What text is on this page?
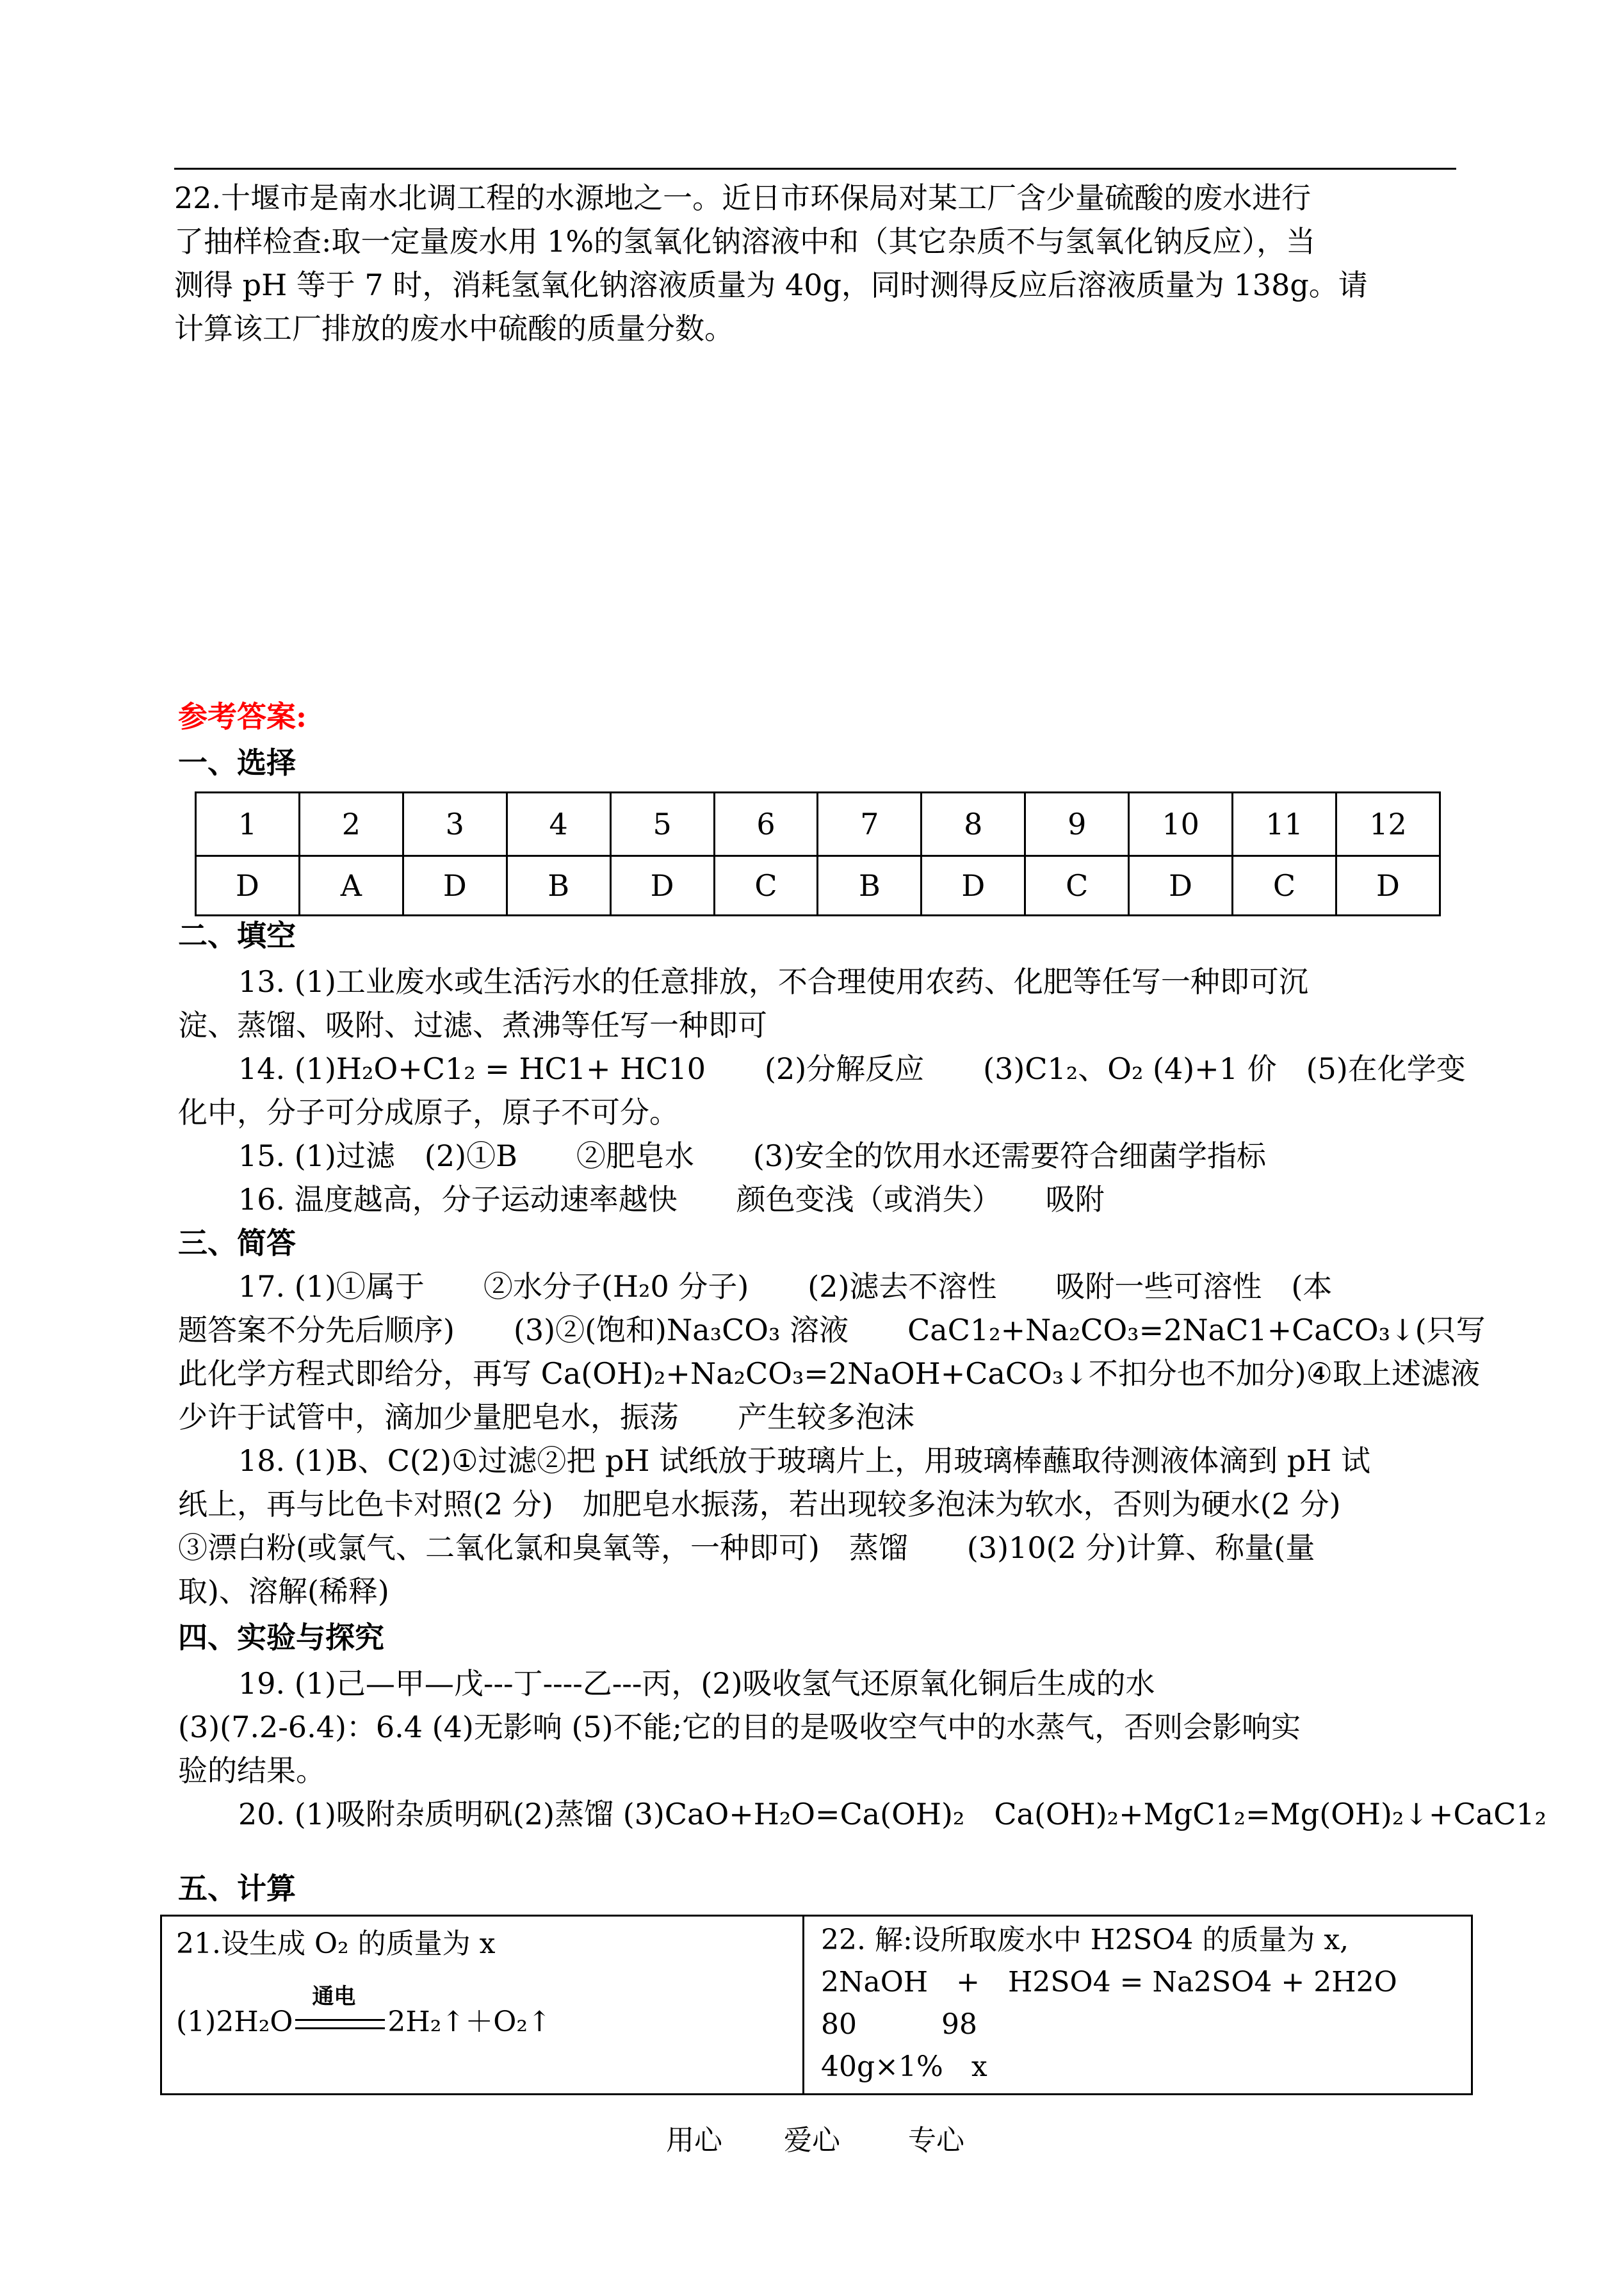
22.十堰市是南水北调工程的水源地之一。近日市环保局对某工厂含少量硫酸的废水进行
了抽样检查:取一定量废水用 1%的氢氧化钠溶液中和（其它杂质不与氢氧化钠反应），当
测得 pH 等于 7 时，消耗氢氧化钠溶液质量为 40g，同时测得反应后溶液质量为 138g。请
计算该工厂排放的废水中硫酸的质量分数。
参考答案:
一、选择
1	2	3	4	5	6	7	8	9	10	11	12
D	A	D	B	D	C	B	D	C	D	C	D
二、填空
13. (1)工业废水或生活污水的任意排放，不合理使用农药、化肥等任写一种即可沉
淀、蒸馏、吸附、过滤、煮沸等任写一种即可
14. (1)H₂O+C1₂ = HC1+ HC10　　(2)分解反应　　(3)C1₂、O₂ (4)+1 价　(5)在化学变
化中，分子可分成原子，原子不可分。
15. (1)过滤　(2)①B　　②肥皂水　　(3)安全的饮用水还需要符合细菌学指标
16. 温度越高，分子运动速率越快　　颜色变浅（或消失）　　吸附
三、简答
17. (1)①属于　　②水分子(H₂0 分子)　　(2)滤去不溶性　　吸附一些可溶性　(本
题答案不分先后顺序)　　(3)②(饱和)Na₃CO₃ 溶液　　CaC1₂+Na₂CO₃=2NaC1+CaCO₃↓(只写
此化学方程式即给分，再写 Ca(OH)₂+Na₂CO₃=2NaOH+CaCO₃↓不扣分也不加分)④取上述滤液
少许于试管中，滴加少量肥皂水，振荡　　产生较多泡沫
18. (1)B、C(2)①过滤②把 pH 试纸放于玻璃片上，用玻璃棒蘸取待测液体滴到 pH 试
纸上，再与比色卡对照(2 分)　加肥皂水振荡，若出现较多泡沫为软水，否则为硬水(2 分)
③漂白粉(或氯气、二氧化氯和臭氧等，一种即可)　蒸馏　　(3)10(2 分)计算、称量(量
取)、溶解(稀释)
四、实验与探究
19. (1)己—甲—戊---丁----乙---丙，(2)吸收氢气还原氧化铜后生成的水
(3)(7.2-6.4)：6.4 (4)无影响 (5)不能;它的目的是吸收空气中的水蒸气，否则会影响实
验的结果。
20. (1)吸附杂质明矾(2)蒸馏 (3)CaO+H₂O=Ca(OH)₂　Ca(OH)₂+MgC1₂=Mg(OH)₂↓+CaC1₂
五、计算
21.设生成 O₂ 的质量为 x
(1)2H₂O
通电
2H₂↑＋O₂↑

22. 解:设所取废水中 H2SO4 的质量为 x,
2NaOH　+　H2SO4 = Na2SO4 + 2H2O
80　　　98
40g×1%　x
用心 爱心 专心
